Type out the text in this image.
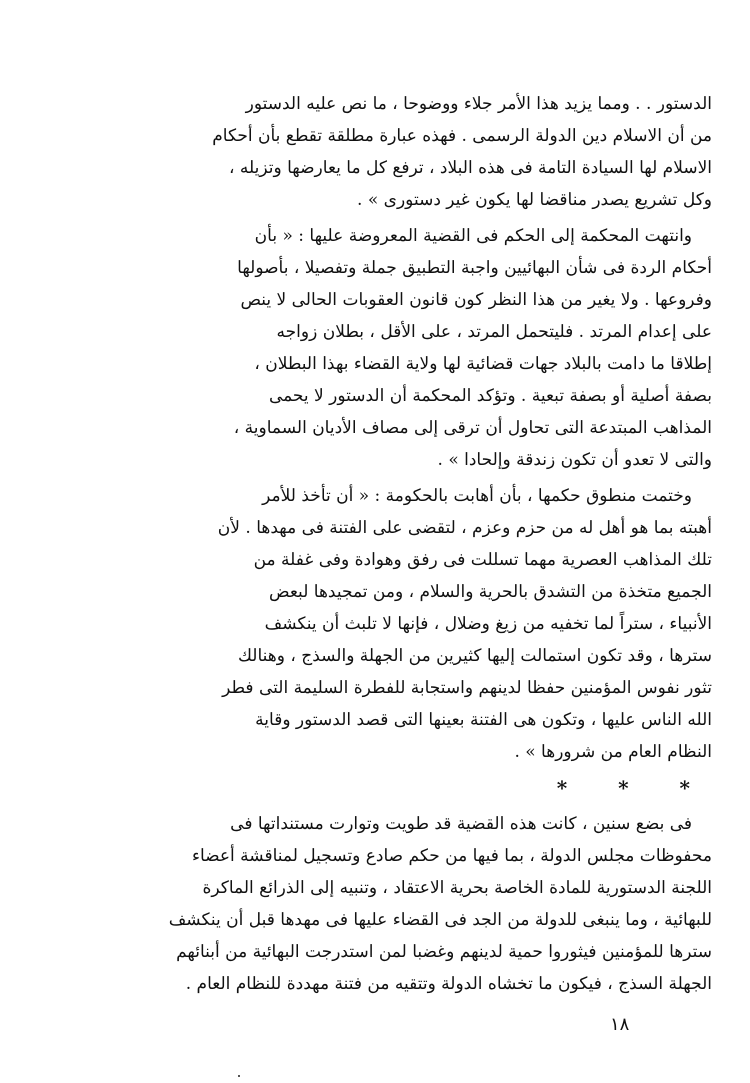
الدستور . . ومما يزيد هذا الأمر جلاء ووضوحا ، ما نص عليه الدستور
من أن الاسلام دين الدولة الرسمى . فهذه عبارة مطلقة تقطع بأن أحكام
الاسلام لها السيادة التامة فى هذه البلاد ، ترفع كل ما يعارضها وتزيله ،
وكل تشريع يصدر مناقضا لها يكون غير دستورى » .

وانتهت المحكمة إلى الحكم فى القضية المعروضة عليها : « بأن
أحكام الردة فى شأن البهائيين واجبة التطبيق جملة وتفصيلا ، بأصولها
وفروعها . ولا يغير من هذا النظر كون قانون العقوبات الحالى لا ينص
على إعدام المرتد . فليتحمل المرتد ، على الأقل ، بطلان زواجه
إطلاقا ما دامت بالبلاد جهات قضائية لها ولاية القضاء بهذا البطلان ،
بصفة أصلية أو بصفة تبعية . وتؤكد المحكمة أن الدستور لا يحمى
المذاهب المبتدعة التى تحاول أن ترقى إلى مصاف الأديان السماوية ،
والتى لا تعدو أن تكون زندقة وإلحادا » .

وختمت منطوق حكمها ، بأن أهابت بالحكومة : « أن تأخذ للأمر
أهبته بما هو أهل له من حزم وعزم ، لتقضى على الفتنة فى مهدها . لأن
تلك المذاهب العصرية مهما تسللت فى رفق وهوادة وفى غفلة من
الجميع متخذة من التشدق بالحرية والسلام ، ومن تمجيدها لبعض
الأنبياء ، ستراً لما تخفيه من زيغ وضلال ، فإنها لا تلبث أن ينكشف
سترها ، وقد تكون استمالت إليها كثيرين من الجهلة والسذج ، وهنالك
تثور نفوس المؤمنين حفظا لدينهم واستجابة للفطرة السليمة التى فطر
الله الناس عليها ، وتكون هى الفتنة بعينها التى قصد الدستور وقاية
النظام العام من شرورها » .

* * *

فى بضع سنين ، كانت هذه القضية قد طويت وتوارت مستنداتها فى
محفوظات مجلس الدولة ، بما فيها من حكم صادع وتسجيل لمناقشة أعضاء
اللجنة الدستورية للمادة الخاصة بحرية الاعتقاد ، وتنبيه إلى الذرائع الماكرة
للبهائية ، وما ينبغى للدولة من الجد فى القضاء عليها فى مهدها قبل أن ينكشف
سترها للمؤمنين فيثوروا حمية لدينهم وغضبا لمن استدرجت البهائية من أبنائهم
الجهلة السذج ، فيكون ما تخشاه الدولة وتتقيه من فتنة مهددة للنظام العام .

١٨
